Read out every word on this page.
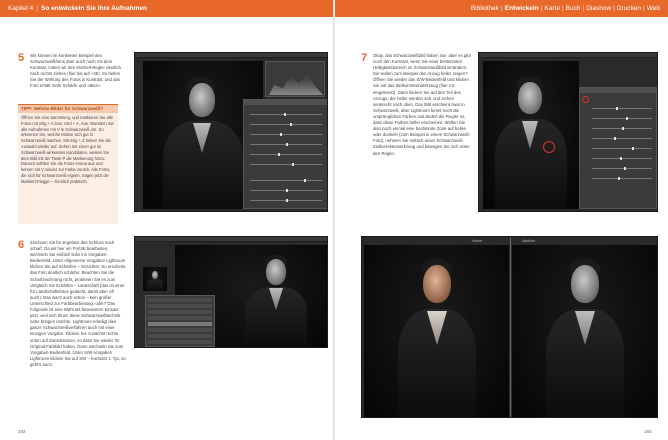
Kapitel 4 | So entwickeln Sie Ihre Aufnahmen	Bibliothek | Entwickeln | Karte | Buch | Diashow | Drucken | Web
5 Wir können im konkreten Beispiel des Schwarzweißfotos aber auch noch mit dem Kontrast, indem wir den Klarheit-Regler deutlich nach rechts ziehen (hier bis auf +49). So helfen Sie der Wirkung des Fotos in Kontrast, und das Foto erhält mehr Schärfe und »Biss«.
TIPP: Welche Bilder für Schwarzweiß?
Öffnen Sie eine Sammlung, und markieren Sie alle Fotos mit Strg + A bzw. cmd + A. Aus. Wundern Sie alle Aufnahmen mit V in Schwarzweiß um. So erkennen Sie, welche Motive sich gut in Schwarzweiß machen. Mit Strg + Z heben Sie die Auswahl wieder auf. Sehen Sie einen gut im Schwarzweiß wirkenden Kandidaten, weisen Sie dem Bild mit der Taste P die Markierung hinzu. Danach wählen Sie die Fotos erneut aus und kehren mit V wieder zur Farbe zurück. Alle Fotos, die sich für Schwarzweiß eignen, tragen jetzt die Markiert-Flagge – ziemlich praktisch.
6 Zeichnen Sie für Ergebnis das Schluss noch scharf. Da wir hier ein Porträt bearbeiten, wechseln Sie einfach links ins Vorgaben-Bedienfeld. Unter Allgemeine Vorgaben Lightroom klicken Sie auf Schärfen – Gesichter. So erscheint das Foto deutlich schärfer. Beachten Sie die Scharfzeichnung nicht, probieren Sie es zum Vergleich mit Schärfen – Landschaft (das ist einer für Landschaftsfotos gedacht, damit aber oft auch). Das war's auch schon – kein großer Unterschied zur Farbbearbeitung, oder? Das Folgende ist eine Wahl mit bewusstem Einsatz jetzt, weil sich Ihnen diese Schwarzweißtechnik nahe bringen möchte. Lightroom erledigt dies ganze Schwarzweißverfahren auch mit einer einzigen Vorgabe. Klicken Sie zunächst rechts unten auf Zurücksetzen, so dass Sie wieder Ihr Original-Farbbild haben. Dann wechseln Sie zum Vorgaben-Bedienfeld. Unter S/W-Vorgaben Lightroom klicken Sie auf SW – Kontrast 1. Tja, so geht's auch.
7 Okay, das Schwarzweißbild haben Sie, aber es gibt noch den Kontrast, wenn Sie einer bestimmten Helligkeitsbereich im Schwarzweißbild verändern. Sie wollen zum Beispiel den Anzug heller zeigen? Öffnen Sie wieder das S/W-Bedienfeld und klicken Sie auf das Zielkorrekturwerkzeug (hier rot eingekreist). Dann klicken Sie auf den Teil des Anzugs, der heller werden soll, und ziehen senkrecht nach oben. Das Bild erscheint zwar in Schwarzweiß, aber Lightroom kennt noch die ursprünglichen Farben und ändert die Regler so, dass diese Farben heller erscheinen. Wollen Sie also noch einmal eine bestimmte Zone auf hellen oder dunkeln (zum Beispiel in einem Schwarzweiß-Foto), nehmen Sie einfach unser Schwarzweiß-Zielkorrekturwerkzeug und bewegen Sie sich unter den Regler.
Vorher	Nachher
192	193
